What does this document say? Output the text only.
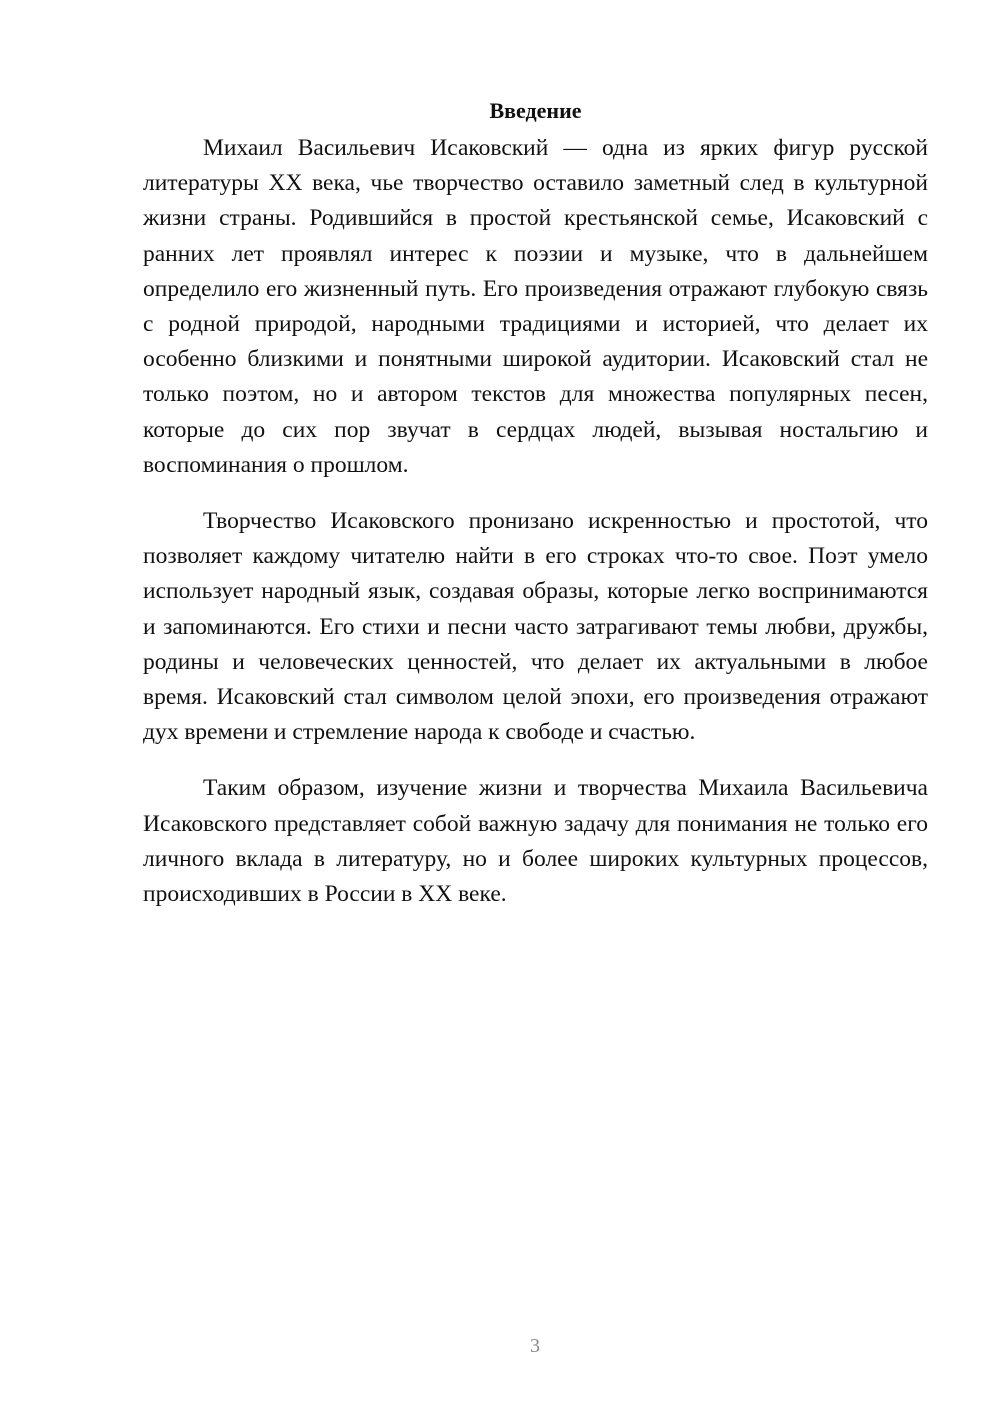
Введение

Михаил Васильевич Исаковский — одна из ярких фигур русской литературы XX века, чье творчество оставило заметный след в культурной жизни страны. Родившийся в простой крестьянской семье, Исаковский с ранних лет проявлял интерес к поэзии и музыке, что в дальнейшем определило его жизненный путь. Его произведения отражают глубокую связь с родной природой, народными традициями и историей, что делает их особенно близкими и понятными широкой аудитории. Исаковский стал не только поэтом, но и автором текстов для множества популярных песен, которые до сих пор звучат в сердцах людей, вызывая ностальгию и воспоминания о прошлом.

Творчество Исаковского пронизано искренностью и простотой, что позволяет каждому читателю найти в его строках что-то свое. Поэт умело использует народный язык, создавая образы, которые легко воспринимаются и запоминаются. Его стихи и песни часто затрагивают темы любви, дружбы, родины и человеческих ценностей, что делает их актуальными в любое время. Исаковский стал символом целой эпохи, его произведения отражают дух времени и стремление народа к свободе и счастью.

Таким образом, изучение жизни и творчества Михаила Васильевича Исаковского представляет собой важную задачу для понимания не только его личного вклада в литературу, но и более широких культурных процессов, происходивших в России в XX веке.

3
